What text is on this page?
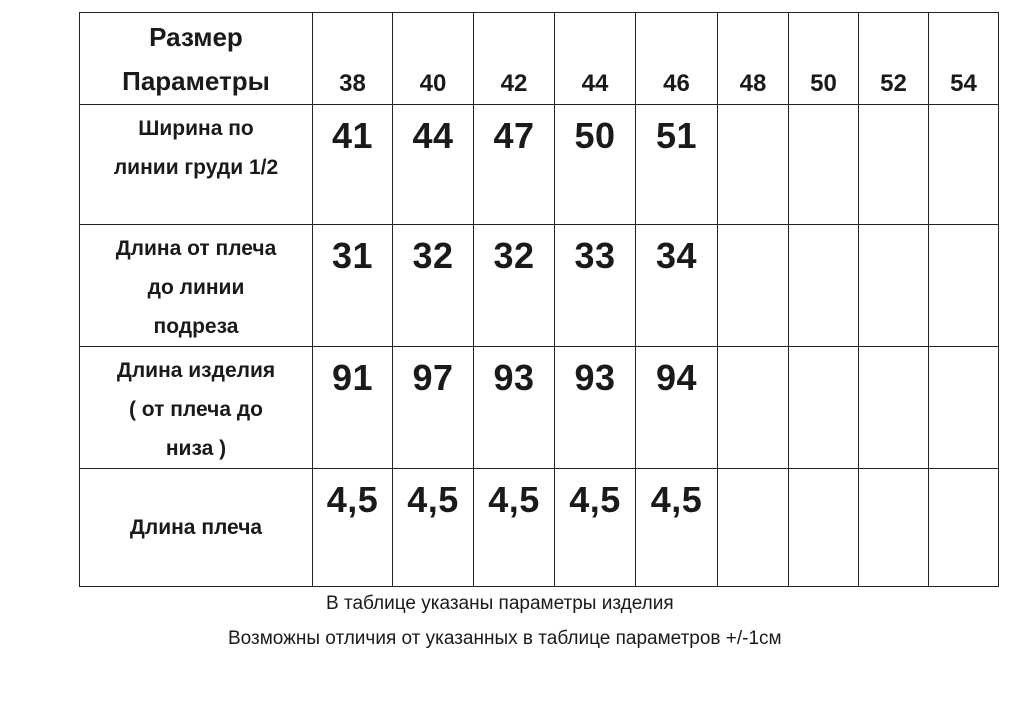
Размер
Параметры	38	40	42	44	46	48	50	52	54

Ширина по
линии груди 1/2	41	44	47	50	51				

Длина от плеча
до линии
подреза	31	32	32	33	34				

Длина изделия
( от плеча до
низа )	91	97	93	93	94				

Длина плеча	4,5	4,5	4,5	4,5	4,5				
В таблице указаны параметры изделия
Возможны отличия от указанных в таблице параметров +/-1см
